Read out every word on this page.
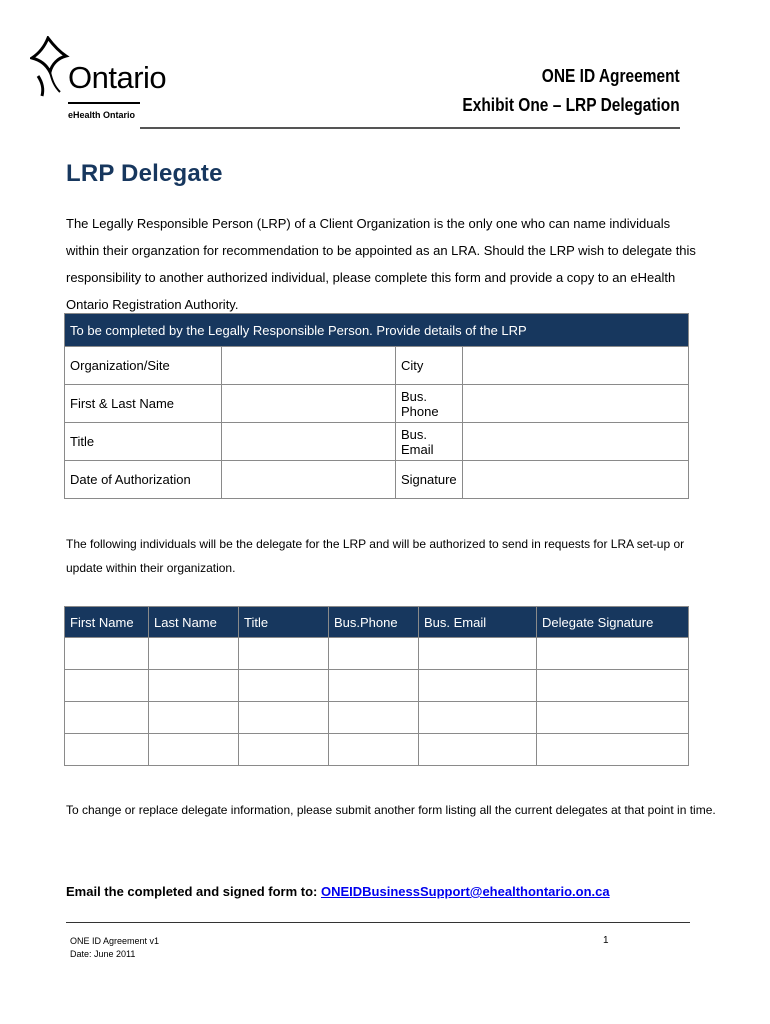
Ontario
eHealth Ontario
ONE ID Agreement
Exhibit One – LRP Delegation
LRP Delegate
The Legally Responsible Person (LRP) of a Client Organization is the only one who can name individuals within their organzation for recommendation to be appointed as an LRA. Should the LRP wish to delegate this responsibility to another authorized individual, please complete this form and provide a copy to an eHealth Ontario Registration Authority.
To be completed by the Legally Responsible Person. Provide details of the LRP			
Organization/Site		City	
First & Last Name		Bus. Phone	
Title		Bus. Email	
Date of Authorization		Signature	
The following individuals will be the delegate for the LRP and will be authorized to send in requests for LRA set-up or update within their organization.
First Name	Last Name	Title	Bus.Phone	Bus. Email	Delegate Signature

To change or replace delegate information, please submit another form listing all the current delegates at that point in time.
Email the completed and signed form to: ONEIDBusinessSupport@ehealthontario.on.ca
ONE ID Agreement v1
Date: June 2011
1
